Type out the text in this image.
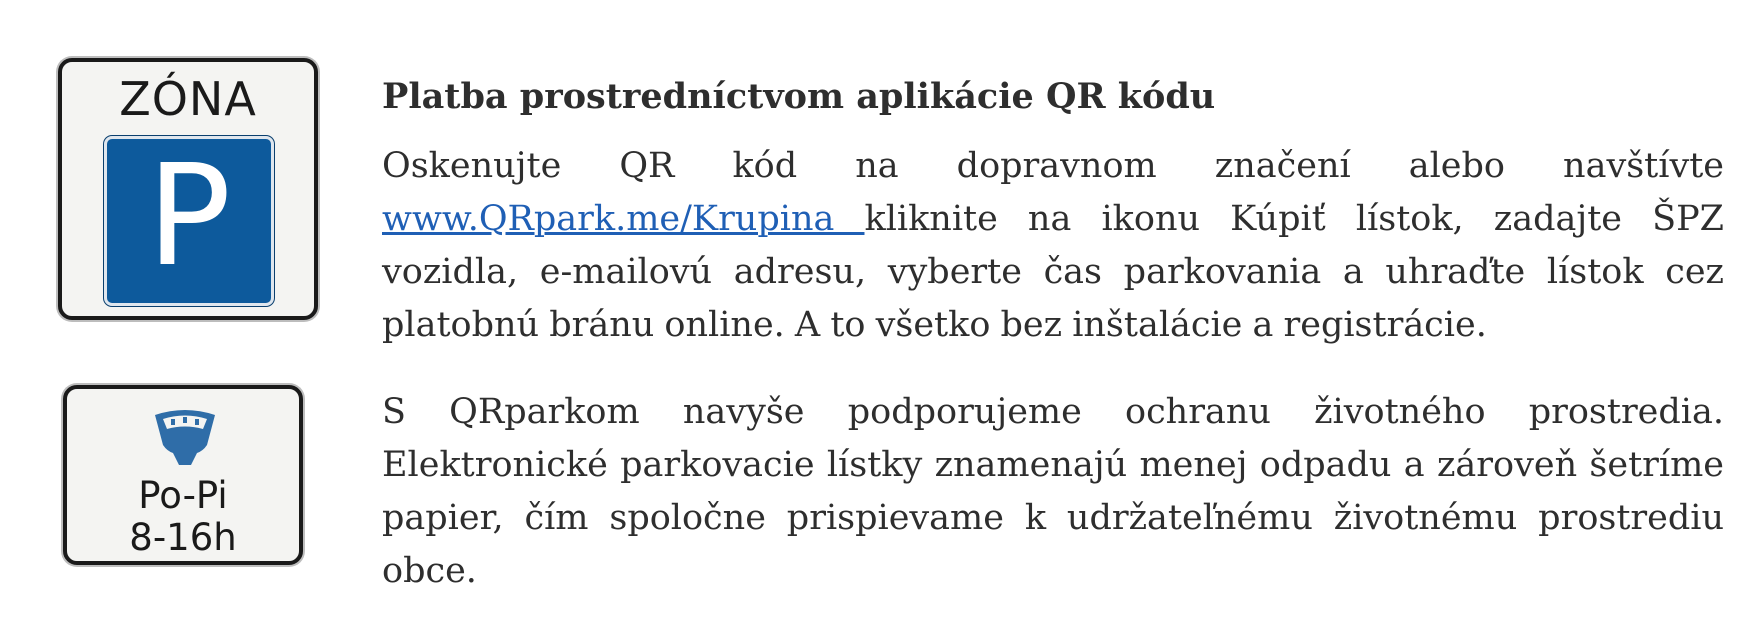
ZÓNA
P
Po-Pi
8-16h
Platba prostredníctvom aplikácie QR kódu

Oskenujte QR kód na dopravnom značení alebo navštívte www.QRpark.me/Krupina kliknite na ikonu Kúpiť lístok, zadajte ŠPZ vozidla, e-mailovú adresu, vyberte čas parkovania a uhraďte lístok cez platobnú bránu online. A to všetko bez inštalácie a registrácie.

S QRparkom navyše podporujeme ochranu životného prostredia. Elektronické parkovacie lístky znamenajú menej odpadu a zároveň šetríme papier, čím spoločne prispievame k udržateľnému životnému prostrediu obce.
